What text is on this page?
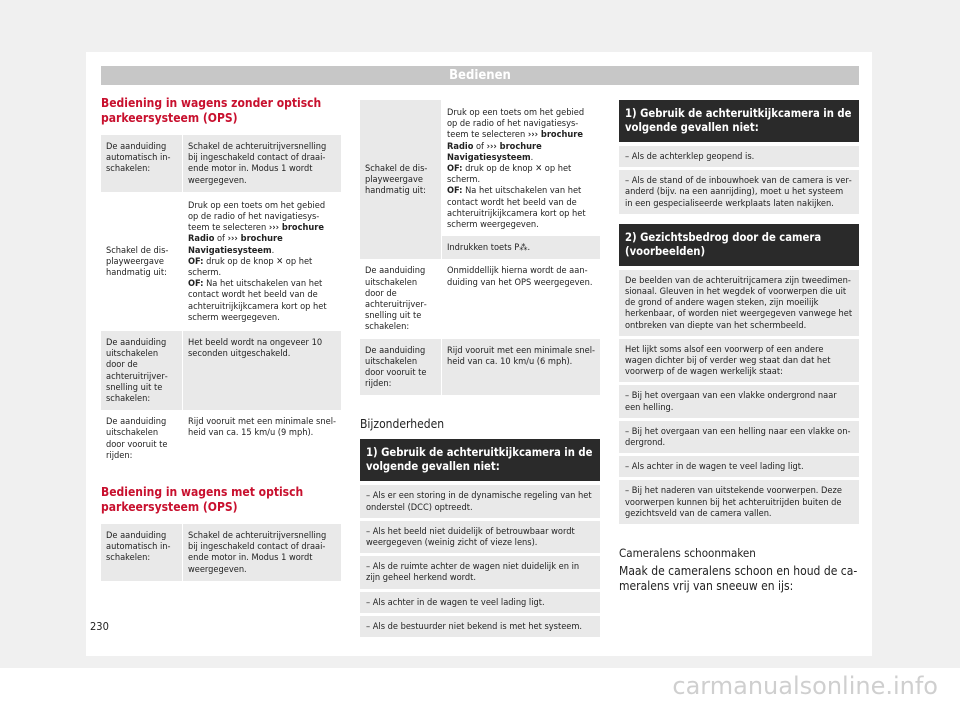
Bedienen
Bediening in wagens zonder optisch parkeersysteem (OPS)
De aanduiding automatisch inschakelen:	Schakel de achteruitrijversnelling bij ingeschakeld contact of draaiende motor in. Modus 1 wordt weergegeven.
Schakel de displayweergave handmatig uit:	Druk op een toets om het gebied op de radio of het navigatiesysteem te selecteren ››› brochure Radio of ››› brochure Navigatiesysteem.
OF: druk op de knop ✕ op het scherm.
OF: Na het uitschakelen van het contact wordt het beeld van de achteruitrijkijkcamera kort op het scherm weergegeven.
De aanduiding uitschakelen door de achteruitrijversnelling uit te schakelen:	Het beeld wordt na ongeveer 10 seconden uitgeschakeld.
De aanduiding uitschakelen door vooruit te rijden:	Rijd vooruit met een minimale snelheid van ca. 15 km/u (9 mph).
Bediening in wagens met optisch parkeersysteem (OPS)
De aanduiding automatisch inschakelen:	Schakel de achteruitrijversnelling bij ingeschakeld contact of draaiende motor in. Modus 1 wordt weergegeven.
Schakel de displayweergave handmatig uit:	Druk op een toets om het gebied op de radio of het navigatiesysteem te selecteren ››› brochure Radio of ››› brochure Navigatiesysteem.
OF: druk op de knop ✕ op het scherm.
OF: Na het uitschakelen van het contact wordt het beeld van de achteruitrijkijkcamera kort op het scherm weergegeven.
	Indrukken toets P⁂.
De aanduiding uitschakelen door de achteruitrijversnelling uit te schakelen:	Onmiddellijk hierna wordt de aanduiding van het OPS weergegeven.
De aanduiding uitschakelen door vooruit te rijden:	Rijd vooruit met een minimale snelheid van ca. 10 km/u (6 mph).
Bijzonderheden
1) Gebruik de achteruitkijkcamera in de volgende gevallen niet:
– Als er een storing in de dynamische regeling van het onderstel (DCC) optreedt.
– Als het beeld niet duidelijk of betrouwbaar wordt weergegeven (weinig zicht of vieze lens).
– Als de ruimte achter de wagen niet duidelijk en in zijn geheel herkend wordt.
– Als achter in de wagen te veel lading ligt.
– Als de bestuurder niet bekend is met het systeem.
1) Gebruik de achteruitkijkcamera in de volgende gevallen niet:
– Als de achterklep geopend is.
– Als de stand of de inbouwhoek van de camera is veranderd (bijv. na een aanrijding), moet u het systeem in een gespecialiseerde werkplaats laten nakijken.
2) Gezichtsbedrog door de camera (voorbeelden)
De beelden van de achteruitrijcamera zijn tweedimensionaal. Gleuven in het wegdek of voorwerpen die uit de grond of andere wagen steken, zijn moeilijk herkenbaar, of worden niet weergegeven vanwege het ontbreken van diepte van het schermbeeld.
Het lijkt soms alsof een voorwerp of een andere wagen dichter bij of verder weg staat dan dat het voorwerp of de wagen werkelijk staat:
– Bij het overgaan van een vlakke ondergrond naar een helling.
– Bij het overgaan van een helling naar een vlakke ondergrond.
– Als achter in de wagen te veel lading ligt.
– Bij het naderen van uitstekende voorwerpen. Deze voorwerpen kunnen bij het achteruitrijden buiten de gezichtsveld van de camera vallen.
Cameralens schoonmaken
Maak de cameralens schoon en houd de cameralens vrij van sneeuw en ijs:
230
carmanualsonline.info
